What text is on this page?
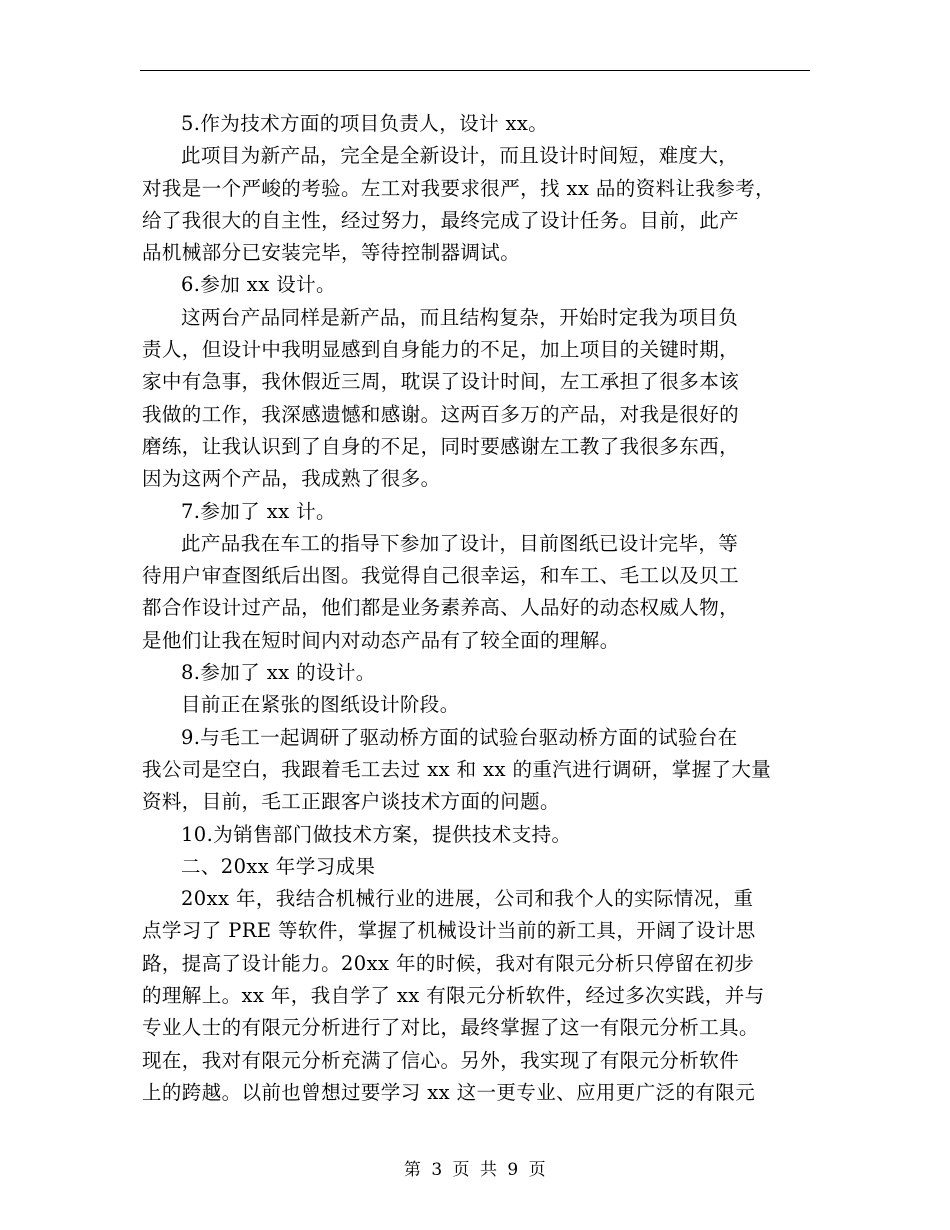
5.作为技术方面的项目负责人，设计 xx。

此项目为新产品，完全是全新设计，而且设计时间短，难度大，
对我是一个严峻的考验。左工对我要求很严，找 xx 品的资料让我参考，
给了我很大的自主性，经过努力，最终完成了设计任务。目前，此产
品机械部分已安装完毕，等待控制器调试。

6.参加 xx 设计。

这两台产品同样是新产品，而且结构复杂，开始时定我为项目负
责人，但设计中我明显感到自身能力的不足，加上项目的关键时期，
家中有急事，我休假近三周，耽误了设计时间，左工承担了很多本该
我做的工作，我深感遗憾和感谢。这两百多万的产品，对我是很好的
磨练，让我认识到了自身的不足，同时要感谢左工教了我很多东西，
因为这两个产品，我成熟了很多。

7.参加了 xx 计。

此产品我在车工的指导下参加了设计，目前图纸已设计完毕，等
待用户审查图纸后出图。我觉得自己很幸运，和车工、毛工以及贝工
都合作设计过产品，他们都是业务素养高、人品好的动态权威人物，
是他们让我在短时间内对动态产品有了较全面的理解。

8.参加了 xx 的设计。

目前正在紧张的图纸设计阶段。

9.与毛工一起调研了驱动桥方面的试验台驱动桥方面的试验台在
我公司是空白，我跟着毛工去过 xx 和 xx 的重汽进行调研，掌握了大量
资料，目前，毛工正跟客户谈技术方面的问题。

10.为销售部门做技术方案，提供技术支持。

二、20xx 年学习成果

20xx 年，我结合机械行业的进展，公司和我个人的实际情况，重
点学习了 PRE 等软件，掌握了机械设计当前的新工具，开阔了设计思
路，提高了设计能力。20xx 年的时候，我对有限元分析只停留在初步
的理解上。xx 年，我自学了 xx 有限元分析软件，经过多次实践，并与
专业人士的有限元分析进行了对比，最终掌握了这一有限元分析工具。
现在，我对有限元分析充满了信心。另外，我实现了有限元分析软件
上的跨越。以前也曾想过要学习 xx 这一更专业、应用更广泛的有限元

第 3 页 共 9 页
